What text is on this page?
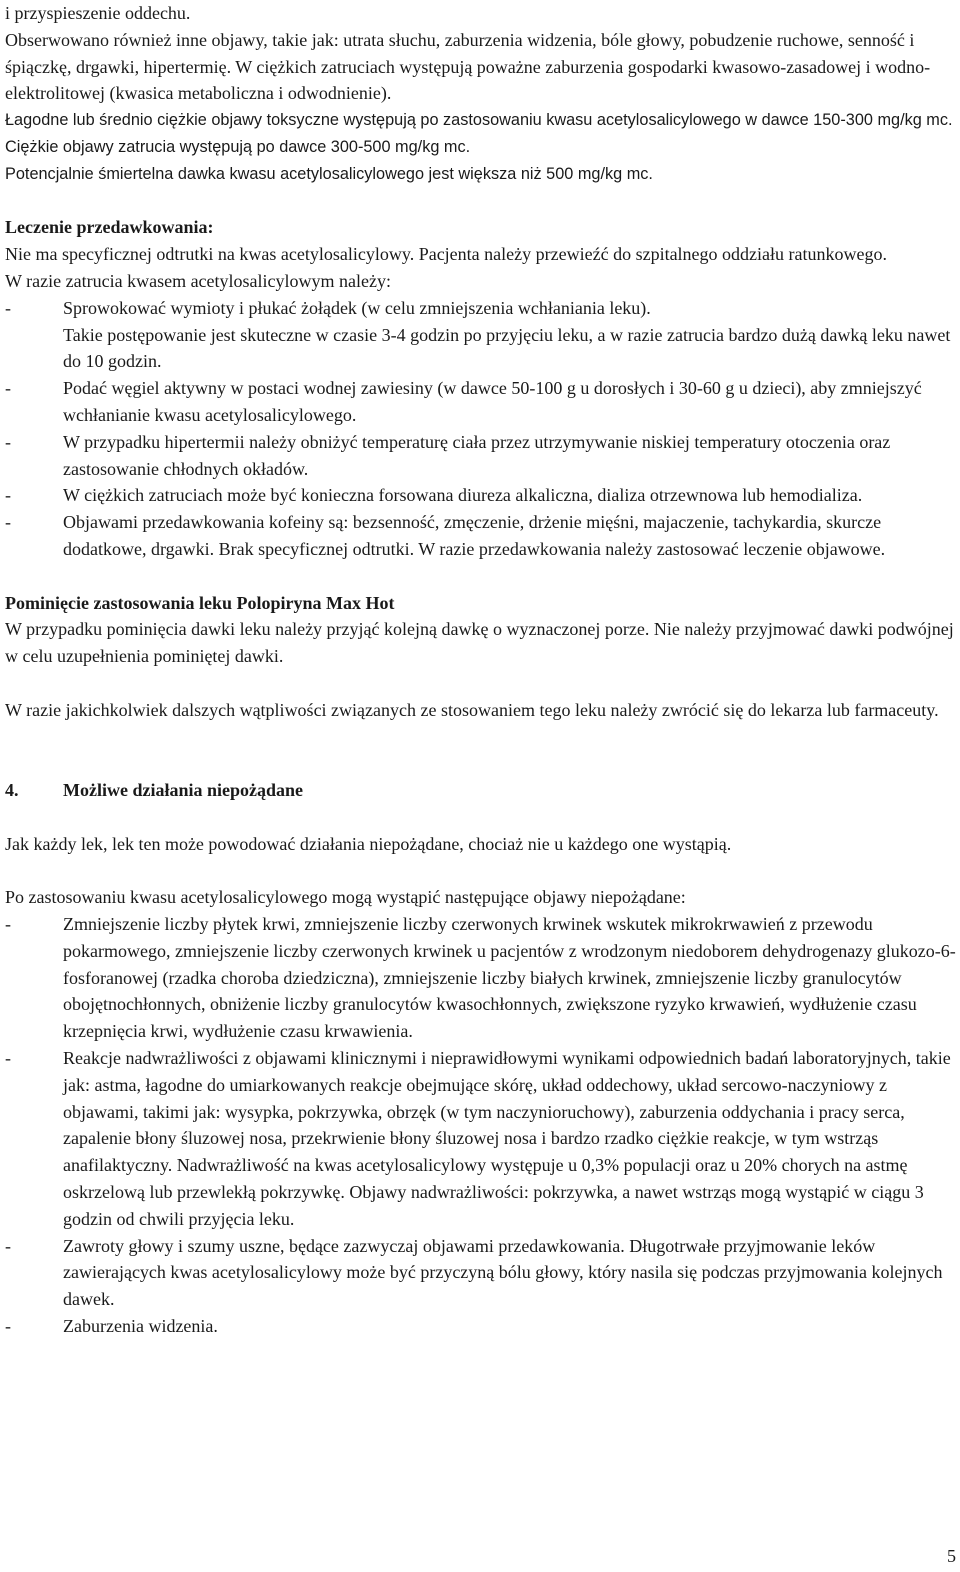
i przyspieszenie oddechu.

Obserwowano również inne objawy, takie jak: utrata słuchu, zaburzenia widzenia, bóle głowy, pobudzenie ruchowe, senność i śpiączkę, drgawki, hipertermię. W ciężkich zatruciach występują poważne zaburzenia gospodarki kwasowo-zasadowej i wodno-elektrolitowej (kwasica metaboliczna i odwodnienie).

Łagodne lub średnio ciężkie objawy toksyczne występują po zastosowaniu kwasu acetylosalicylowego w dawce 150-300 mg/kg mc. Ciężkie objawy zatrucia występują po dawce 300-500 mg/kg mc.

Potencjalnie śmiertelna dawka kwasu acetylosalicylowego jest większa niż 500 mg/kg mc.

Leczenie przedawkowania:

Nie ma specyficznej odtrutki na kwas acetylosalicylowy. Pacjenta należy przewieźć do szpitalnego oddziału ratunkowego.

W razie zatrucia kwasem acetylosalicylowym należy:

-	Sprowokować wymioty i płukać żołądek (w celu zmniejszenia wchłaniania leku).

Takie postępowanie jest skuteczne w czasie 3-4 godzin po przyjęciu leku, a w razie zatrucia bardzo dużą dawką leku nawet do 10 godzin.

-	Podać węgiel aktywny w postaci wodnej zawiesiny (w dawce 50-100 g u dorosłych i 30-60 g u dzieci), aby zmniejszyć wchłanianie kwasu acetylosalicylowego.

-	W przypadku hipertermii należy obniżyć temperaturę ciała przez utrzymywanie niskiej temperatury otoczenia oraz zastosowanie chłodnych okładów.

-	W ciężkich zatruciach może być konieczna forsowana diureza alkaliczna, dializa otrzewnowa lub hemodializa.

-	Objawami przedawkowania kofeiny są: bezsenność, zmęczenie, drżenie mięśni, majaczenie, tachykardia, skurcze dodatkowe, drgawki. Brak specyficznej odtrutki. W razie przedawkowania należy zastosować leczenie objawowe.

Pominięcie zastosowania leku Polopiryna Max Hot

W przypadku pominięcia dawki leku należy przyjąć kolejną dawkę o wyznaczonej porze. Nie należy przyjmować dawki podwójnej w celu uzupełnienia pominiętej dawki.

W razie jakichkolwiek dalszych wątpliwości związanych ze stosowaniem tego leku należy zwrócić się do lekarza lub farmaceuty.

4. Możliwe działania niepożądane

Jak każdy lek, lek ten może powodować działania niepożądane, chociaż nie u każdego one wystąpią.

Po zastosowaniu kwasu acetylosalicylowego mogą wystąpić następujące objawy niepożądane:

-	Zmniejszenie liczby płytek krwi, zmniejszenie liczby czerwonych krwinek wskutek mikrokrwawień z przewodu pokarmowego, zmniejszenie liczby czerwonych krwinek u pacjentów z wrodzonym niedoborem dehydrogenazy glukozo-6-fosforanowej (rzadka choroba dziedziczna), zmniejszenie liczby białych krwinek, zmniejszenie liczby granulocytów obojętnochłonnych, obniżenie liczby granulocytów kwasochłonnych, zwiększone ryzyko krwawień, wydłużenie czasu krzepnięcia krwi, wydłużenie czasu krwawienia.

-	Reakcje nadwrażliwości z objawami klinicznymi i nieprawidłowymi wynikami odpowiednich badań laboratoryjnych, takie jak: astma, łagodne do umiarkowanych reakcje obejmujące skórę, układ oddechowy, układ sercowo-naczyniowy z objawami, takimi jak: wysypka, pokrzywka, obrzęk (w tym naczynioruchowy), zaburzenia oddychania i pracy serca, zapalenie błony śluzowej nosa, przekrwienie błony śluzowej nosa i bardzo rzadko ciężkie reakcje, w tym wstrząs anafilaktyczny. Nadwrażliwość na kwas acetylosalicylowy występuje u 0,3% populacji oraz u 20% chorych na astmę oskrzelową lub przewlekłą pokrzywkę. Objawy nadwrażliwości: pokrzywka, a nawet wstrząs mogą wystąpić w ciągu 3 godzin od chwili przyjęcia leku.

-	Zawroty głowy i szumy uszne, będące zazwyczaj objawami przedawkowania. Długotrwałe przyjmowanie leków zawierających kwas acetylosalicylowy może być przyczyną bólu głowy, który nasila się podczas przyjmowania kolejnych dawek.

-	Zaburzenia widzenia.

5
